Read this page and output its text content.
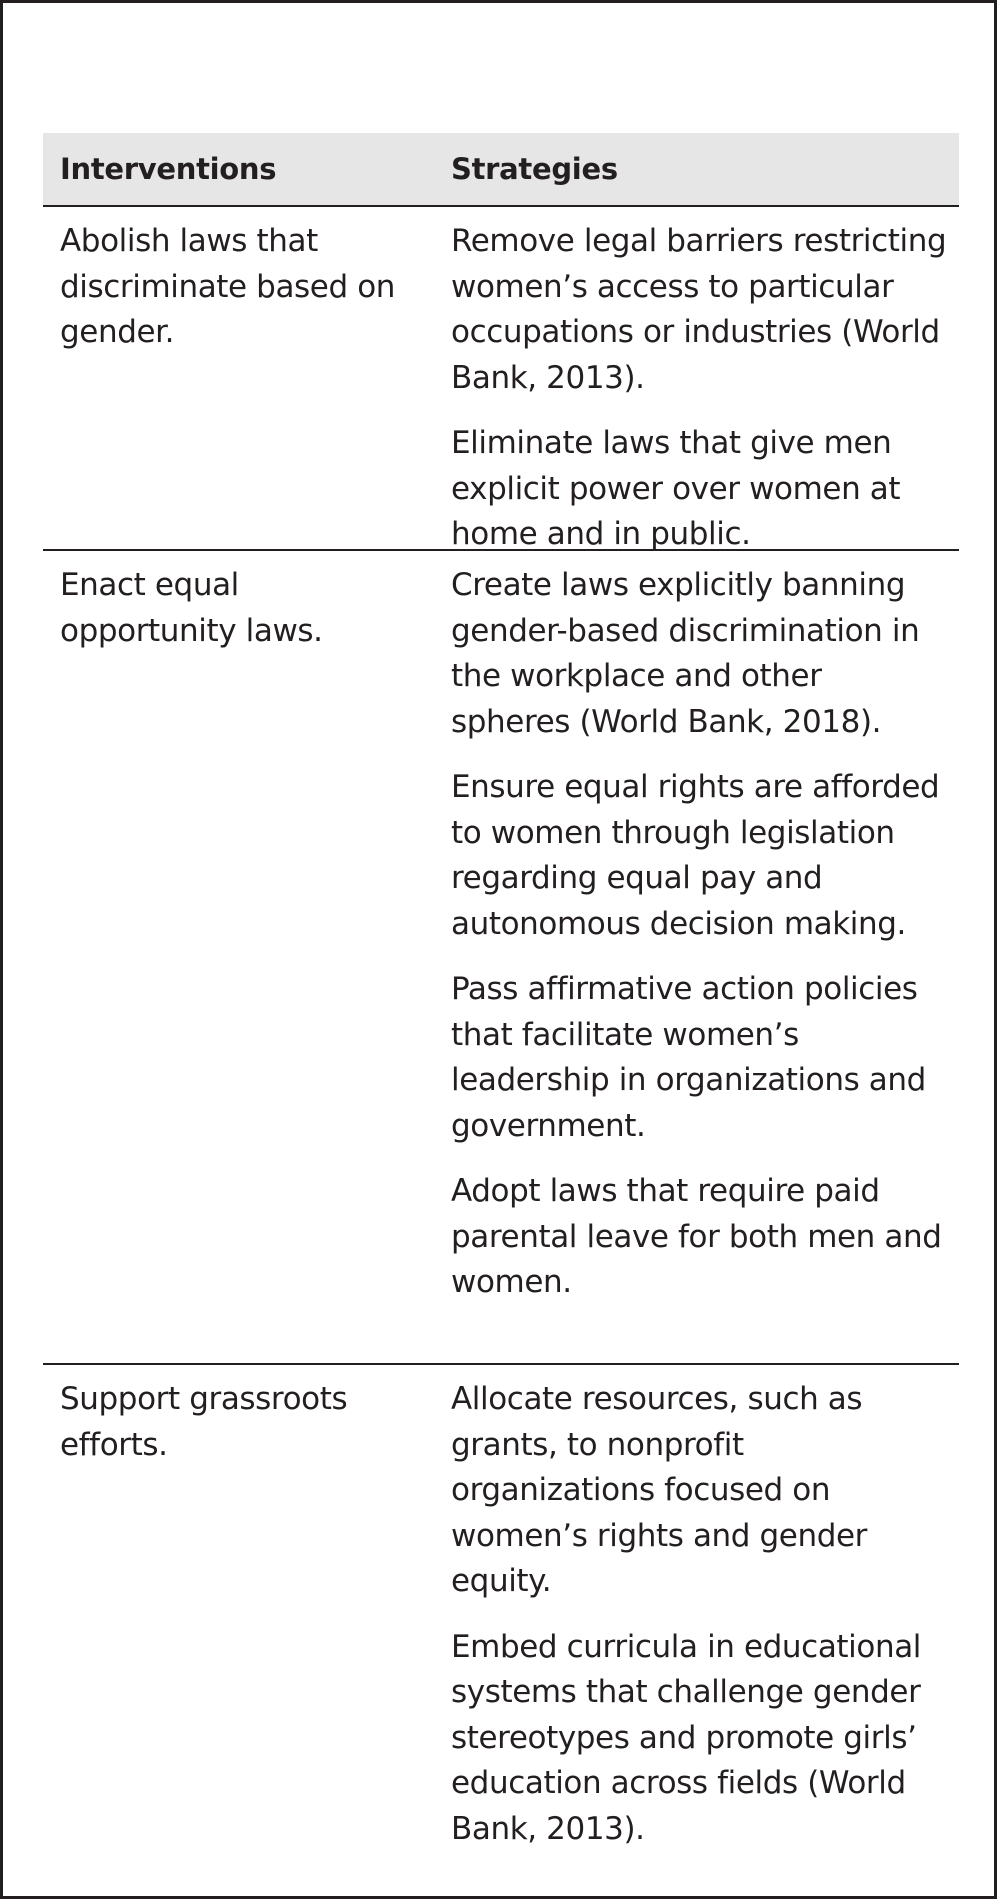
Interventions	Strategies
Abolish laws that discriminate based on gender.

Remove legal barriers restricting women’s access to particular occupations or industries (World Bank, 2013).

Eliminate laws that give men explicit power over women at home and in public.

Enact equal opportunity laws.

Create laws explicitly banning gender-based discrimination in the workplace and other spheres (World Bank, 2018).

Ensure equal rights are afforded to women through legislation regarding equal pay and autonomous decision making.

Pass affirmative action policies that facilitate women’s leadership in organizations and government.

Adopt laws that require paid parental leave for both men and women.

Support grassroots efforts.

Allocate resources, such as grants, to nonprofit organizations focused on women’s rights and gender equity.

Embed curricula in educational systems that challenge gender stereotypes and promote girls’ education across fields (World Bank, 2013).
